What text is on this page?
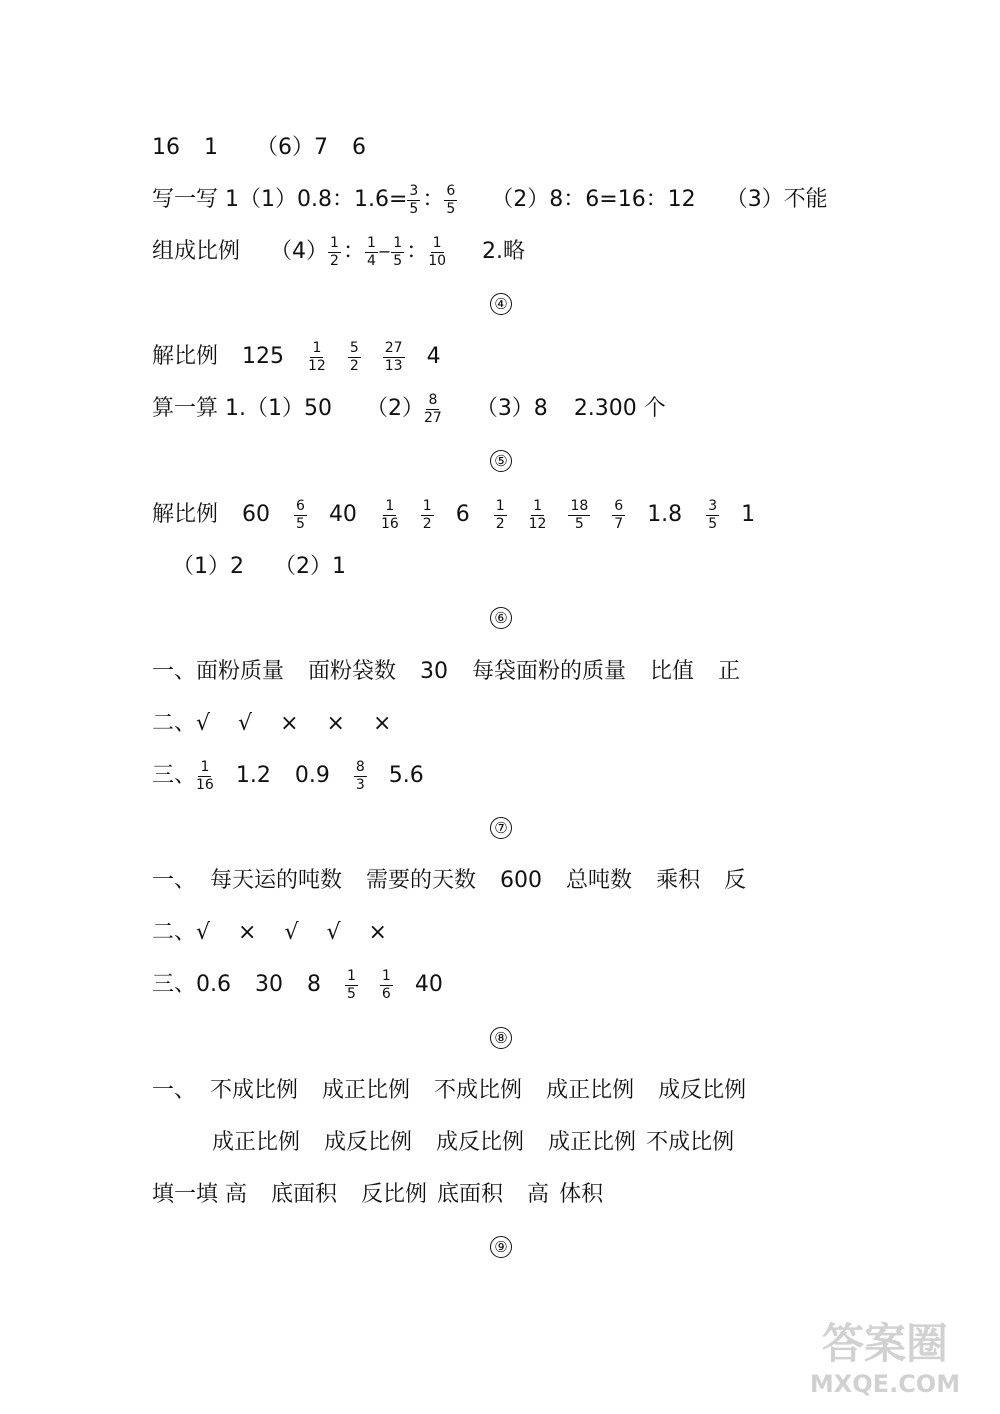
16 1 （6）7 6
写一写 1（1）0.8：$1.6= \frac{3}{5}$ ： $\frac{6}{5} (2)8$：6=16：12 （3）不能
组成比例 $(4) \frac{1}{2}$ ： $\frac{1}{4} - \frac{1}{5}$ ： $\frac{1}{10} 2$.略
④
解比例 $125 \frac{1}{12} \frac{5}{2} \frac{27}{13} 4$
算一算 1.（1）50 $(2) \frac{8}{27} (3)8$ 2.300 个
⑤
解比例 $60 \frac{6}{5} 40 \frac{1}{16} \frac{1}{2} 6 \frac{1}{2} \frac{1}{12} \frac{18}{5} \frac{6}{7} 1.8 \frac{3}{5} 1$
（1）2 （2）1
⑥
一、面粉质量 面粉袋数 30 每袋面粉的质量 比值 正
二、√ √ × × ×
三、 $\frac{1}{16} 1.2$ $0.9 \frac{8}{3} 5.6$
⑦
一、 每天运的吨数 需要的天数 600 总吨数 乘积 反
二、√ × √ √ ×
三、0.6 30 $8 \frac{1}{5} \frac{1}{6} 40$
⑧
一、 不成比例 成正比例 不成比例 成正比例 成反比例
成正比例 成反比例 成反比例 成正比例 不成比例
填一填 高 底面积 反比例 底面积 高 体积
⑨
答案圈
MXQE.COM
